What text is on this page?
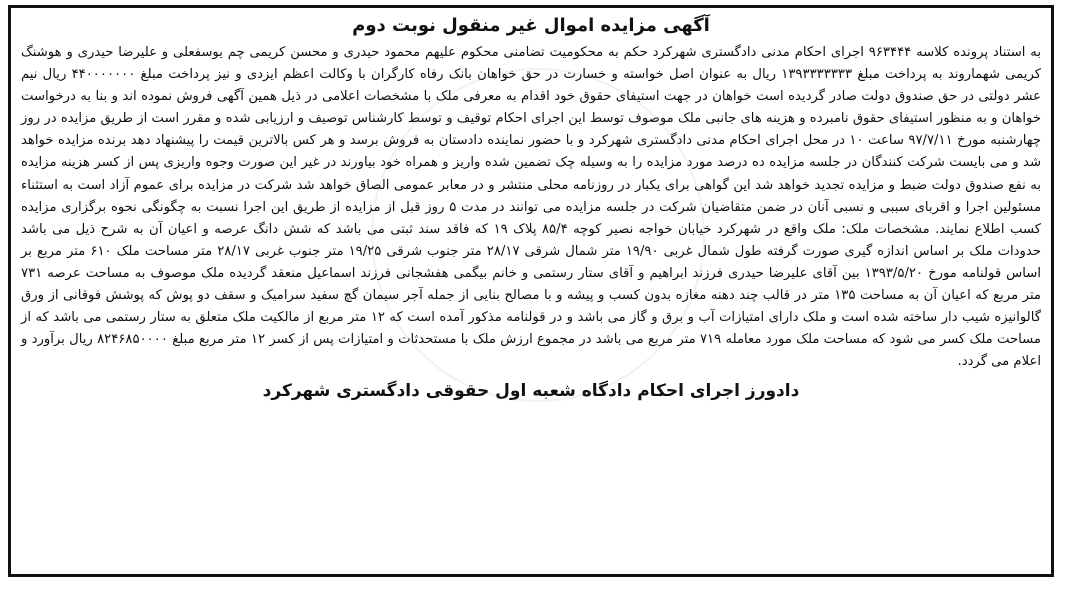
آگهی مزایده اموال غیر منقول نوبت دوم

به استناد پرونده کلاسه ۹۶۳۴۴۴ اجرای احکام مدنی دادگستری شهرکرد حکم به محکومیت تضامنی محکوم علیهم محمود حیدری و محسن کریمی چم یوسفعلی و علیرضا حیدری و هوشنگ کریمی شهماروند به پرداخت مبلغ ۱۳۹۳۳۳۳۳۳۳ ریال به عنوان اصل خواسته و خسارت در حق خواهان بانک رفاه کارگران با وکالت اعظم ایزدی و نیز پرداخت مبلغ ۴۴۰۰۰۰۰۰۰ ریال نیم عشر دولتی در حق صندوق دولت صادر گردیده است خواهان در جهت استیفای حقوق خود اقدام به معرفی ملک با مشخصات اعلامی در ذیل همین آگهی فروش نموده اند و بنا به درخواست خواهان و به منظور استیفای حقوق نامبرده و هزینه های جانبی ملک موصوف توسط این اجرای احکام توقیف و توسط کارشناس توصیف و ارزیابی شده و مقرر است از طریق مزایده در روز چهارشنبه مورخ ۹۷/۷/۱۱ ساعت ۱۰ در محل اجرای احکام مدنی دادگستری شهرکرد و با حضور نماینده دادستان به فروش برسد و هر کس بالاترین قیمت را پیشنهاد دهد برنده مزایده خواهد شد و می بایست شرکت کنندگان در جلسه مزایده ده درصد مورد مزایده را به وسیله چک تضمین شده واریز و همراه خود بیاورند در غیر این صورت وجوه واریزی پس از کسر هزینه مزایده به نفع صندوق دولت ضبط و مزایده تجدید خواهد شد این گواهی برای یکبار در روزنامه محلی منتشر و در معابر عمومی الصاق خواهد شد شرکت در مزایده برای عموم آزاد است به استثناء مسئولین اجرا و اقربای سببی و نسبی آنان در ضمن متقاضیان شرکت در جلسه مزایده می توانند در مدت ۵ روز قبل از مزایده از طریق این اجرا نسبت به چگونگی نحوه برگزاری مزایده کسب اطلاع نمایند. مشخصات ملک: ملک واقع در شهرکرد خیابان خواجه نصیر کوچه ۸۵/۴ پلاک ۱۹ که فاقد سند ثبتی می باشد که شش دانگ عرصه و اعیان آن به شرح ذیل می باشد حدودات ملک بر اساس اندازه گیری صورت گرفته طول شمال غربی ۱۹/۹۰ متر شمال شرقی ۲۸/۱۷ متر جنوب شرقی ۱۹/۲۵ متر جنوب غربی ۲۸/۱۷ متر مساحت ملک ۶۱۰ متر مربع بر اساس قولنامه مورخ ۱۳۹۳/۵/۲۰ بین آقای علیرضا حیدری فرزند ابراهیم و آقای ستار رستمی و خانم بیگمی هفشجانی فرزند اسماعیل منعقد گردیده ملک موصوف به مساحت عرصه ۷۳۱ متر مربع که اعیان آن به مساحت ۱۳۵ متر در قالب چند دهنه مغازه بدون کسب و پیشه و با مصالح بنایی از جمله آجر سیمان گچ سفید سرامیک و سقف دو پوش که پوشش فوقانی از ورق گالوانیزه شیب دار ساخته شده است و ملک دارای امتیازات آب و برق و گاز می باشد و در قولنامه مذکور آمده است که ۱۲ متر مربع از مالکیت ملک متعلق به ستار رستمی می باشد که از مساحت ملک کسر می شود که مساحت ملک مورد معامله ۷۱۹ متر مربع می باشد در مجموع ارزش ملک با مستحدثات و امتیازات پس از کسر ۱۲ متر مربع مبلغ ۸۲۴۶۸۵۰۰۰۰ ریال برآورد و اعلام می گردد.

دادورز اجرای احکام دادگاه شعبه اول حقوقی دادگستری شهرکرد
